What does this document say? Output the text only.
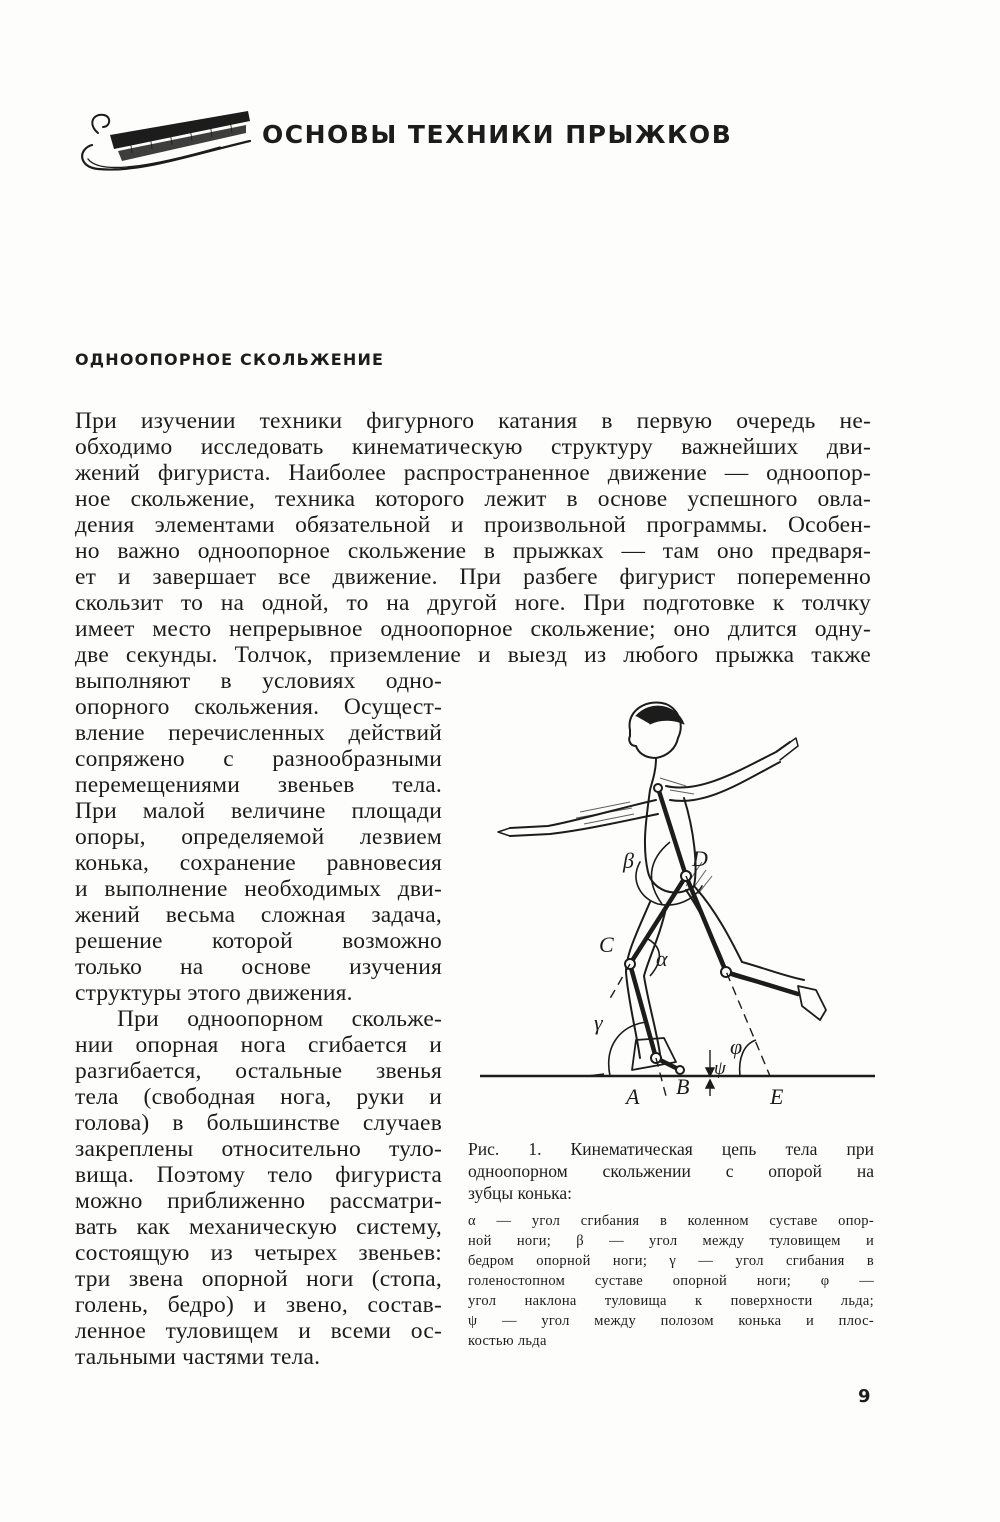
ОСНОВЫ ТЕХНИКИ ПРЫЖКОВ
ОДНООПОРНОЕ СКОЛЬЖЕНИЕ
При изучении техники фигурного катания в первую очередь не-
обходимо исследовать кинематическую структуру важнейших дви-
жений фигуриста. Наиболее распространенное движение — одноопор-
ное скольжение, техника которого лежит в основе успешного овла-
дения элементами обязательной и произвольной программы. Особен-
но важно одноопорное скольжение в прыжках — там оно предваря-
ет и завершает все движение. При разбеге фигурист попеременно
скользит то на одной, то на другой ноге. При подготовке к толчку
имеет место непрерывное одноопорное скольжение; оно длится одну-
две секунды. Толчок, приземление и выезд из любого прыжка также
выполняют в условиях одно-
опорного скольжения. Осущест-
вление перечисленных действий
сопряжено с разнообразными
перемещениями звеньев тела.
При малой величине площади
опоры, определяемой лезвием
конька, сохранение равновесия
и выполнение необходимых дви-
жений весьма сложная задача,
решение которой возможно
только на основе изучения
структуры этого движения.
При одноопорном скольже-
нии опорная нога сгибается и
разгибается, остальные звенья
тела (свободная нога, руки и
голова) в большинстве случаев
закреплены относительно туло-
вища. Поэтому тело фигуриста
можно приближенно рассматри-
вать как механическую систему,
состоящую из четырех звеньев:
три звена опорной ноги (стопа,
голень, бедро) и звено, состав-
ленное туловищем и всеми ос-
тальными частями тела.
β	D
C
α
γ
φ
ψ
A B	E
Рис. 1. Кинематическая цепь тела при
одноопорном скольжении с опорой на
зубцы конька:
α — угол сгибания в коленном суставе опор-
ной ноги; β — угол между туловищем и
бедром опорной ноги; γ — угол сгибания в
голеностопном суставе опорной ноги; φ —
угол наклона туловища к поверхности льда;
ψ — угол между полозом конька и плос-
костью льда
9
